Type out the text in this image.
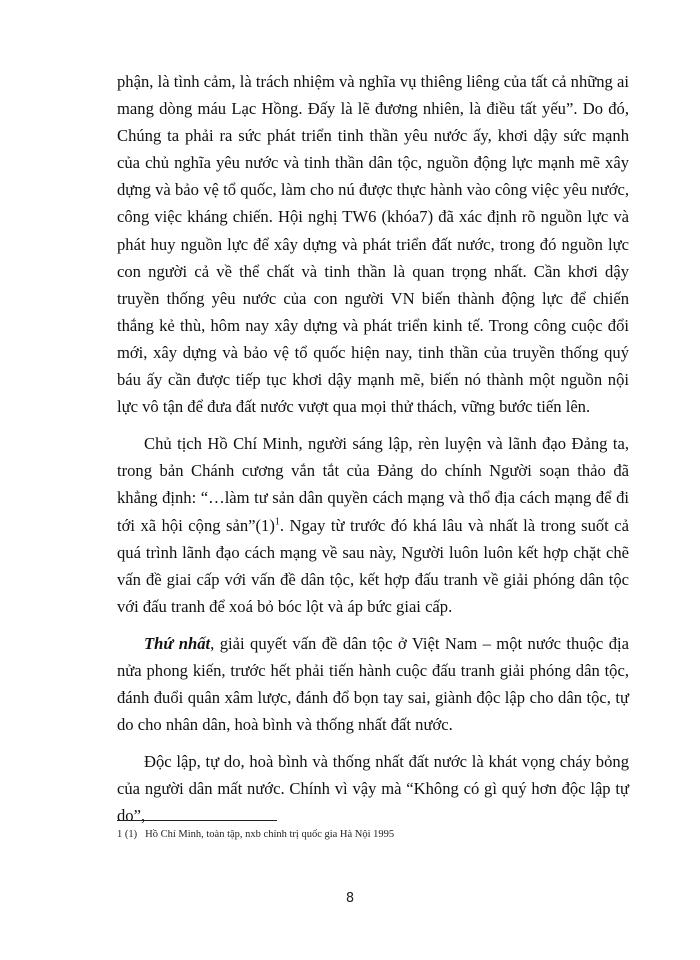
phận, là tình cảm, là trách nhiệm và nghĩa vụ thiêng liêng của tất cả những ai mang dòng máu Lạc Hồng. Đấy là lẽ đương nhiên, là điều tất yếu”. Do đó, Chúng ta phải ra sức phát triển tinh thần yêu nước ấy, khơi dậy sức mạnh của chủ nghĩa yêu nước và tinh thần dân tộc, nguồn động lực mạnh mẽ xây dựng và bảo vệ tổ quốc, làm cho nú được thực hành vào công việc yêu nước, công việc kháng chiến. Hội nghị TW6 (khóa7) đã xác định rõ nguồn lực và phát huy nguồn lực để xây dựng và phát triển đất nước, trong đó nguồn lực con người cả về thể chất và tinh thần là quan trọng nhất. Cần khơi dậy truyền thống yêu nước của con người VN biến thành động lực để chiến thắng kẻ thù, hôm nay xây dựng và phát triển kinh tế. Trong công cuộc đổi mới, xây dựng và bảo vệ tổ quốc hiện nay, tinh thần của truyền thống quý báu ấy cần được tiếp tục khơi dậy mạnh mẽ, biến nó thành một nguồn nội lực vô tận để đưa đất nước vượt qua mọi thử thách, vững bước tiến lên.

Chủ tịch Hồ Chí Minh, người sáng lập, rèn luyện và lãnh đạo Đảng ta, trong bản Chánh cương vắn tắt của Đảng do chính Người soạn thảo đã khẳng định: “…làm tư sản dân quyền cách mạng và thổ địa cách mạng để đi tới xã hội cộng sản”(1)$^1$. Ngay từ trước đó khá lâu và nhất là trong suốt cả quá trình lãnh đạo cách mạng về sau này, Người luôn luôn kết hợp chặt chẽ vấn đề giai cấp với vấn đề dân tộc, kết hợp đấu tranh về giải phóng dân tộc với đấu tranh để xoá bỏ bóc lột và áp bức giai cấp.

Thứ nhất, giải quyết vấn đề dân tộc ở Việt Nam – một nước thuộc địa nửa phong kiến, trước hết phải tiến hành cuộc đấu tranh giải phóng dân tộc, đánh đuổi quân xâm lược, đánh đổ bọn tay sai, giành độc lập cho dân tộc, tự do cho nhân dân, hoà bình và thống nhất đất nước.

Độc lập, tự do, hoà bình và thống nhất đất nước là khát vọng cháy bỏng của người dân mất nước. Chính vì vậy mà “Không có gì quý hơn độc lập tự do”,

1 (1) Hồ Chí Minh, toàn tập, nxb chính trị quốc gia Hà Nội 1995
8
